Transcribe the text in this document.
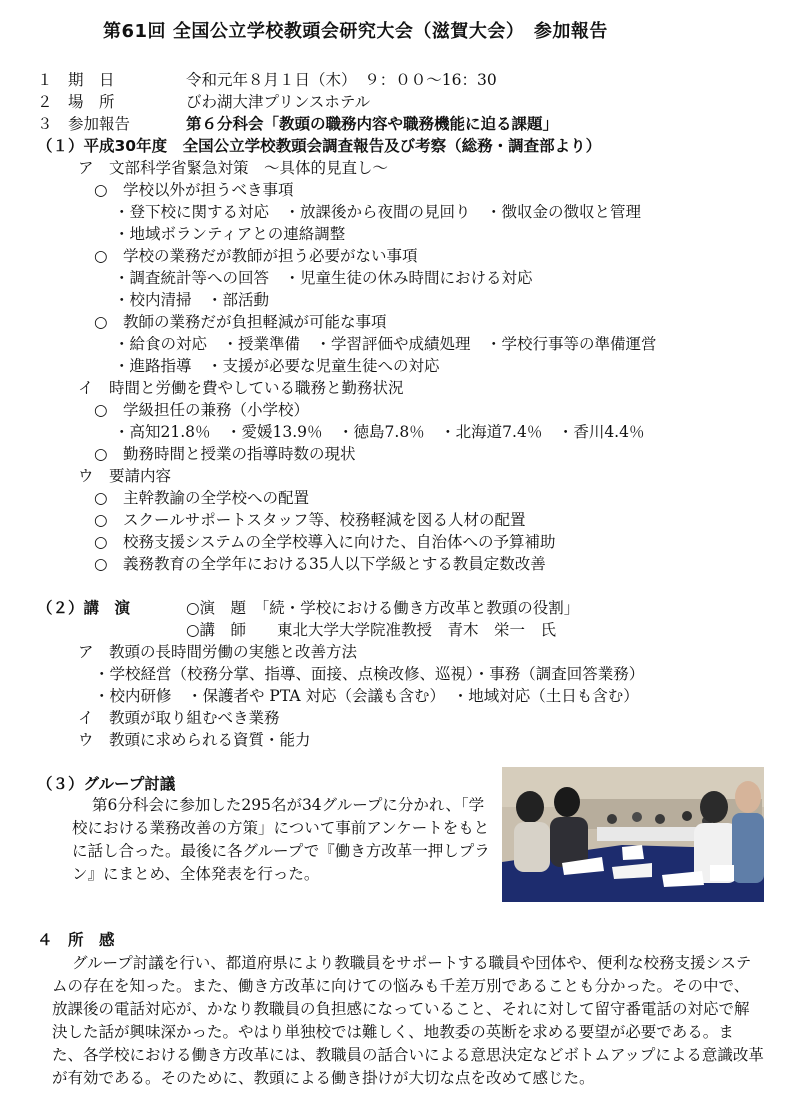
第61回 全国公立学校教頭会研究大会（滋賀大会）　参加報告
１　期　日	令和元年８月１日（木）　９：００～16：30
２　場　所	びわ湖大津プリンスホテル
３　参加報告	第６分科会「教頭の職務内容や職務機能に迫る課題」
（１）平成30年度　全国公立学校教頭会調査報告及び考察（総務・調査部より）
ア　文部科学省緊急対策　～具体的見直し～
○　学校以外が担うべき事項
・登下校に関する対応　・放課後から夜間の見回り　・徴収金の徴収と管理
・地域ボランティアとの連絡調整
○　学校の業務だが教師が担う必要がない事項
・調査統計等への回答　・児童生徒の休み時間における対応
・校内清掃　・部活動
○　教師の業務だが負担軽減が可能な事項
・給食の対応　・授業準備　・学習評価や成績処理　・学校行事等の準備運営
・進路指導　・支援が必要な児童生徒への対応
イ　時間と労働を費やしている職務と勤務状況
○　学級担任の兼務（小学校）
・高知21.8％　・愛媛13.9％　・徳島7.8％　・北海道7.4％　・香川4.4％
○　勤務時間と授業の指導時数の現状
ウ　要請内容
○　主幹教諭の全学校への配置
○　スクールサポートスタッフ等、校務軽減を図る人材の配置
○　校務支援システムの全学校導入に向けた、自治体への予算補助
○　義務教育の全学年における35人以下学級とする教員定数改善
（２）講　演	○演　題　「続・学校における働き方改革と教頭の役割」
○講　師　　東北大学大学院准教授　青木　栄一　氏
ア　教頭の長時間労働の実態と改善方法
・学校経営（校務分掌、指導、面接、点検改修、巡視）・事務（調査回答業務）
・校内研修　・保護者や PTA 対応（会議も含む）　・地域対応（土日も含む）
イ　教頭が取り組むべき業務
ウ　教頭に求められる資質・能力
（３）グループ討議
第6分科会に参加した295名が34グループに分かれ、「学校における業務改善の方策」について事前アンケートをもとに話し合った。最後に各グループで『働き方改革一押しプラン』にまとめ、全体発表を行った。
４　所　感
グループ討議を行い、都道府県により教職員をサポートする職員や団体や、便利な校務支援システムの存在を知った。また、働き方改革に向けての悩みも千差万別であることも分かった。その中で、放課後の電話対応が、かなり教職員の負担感になっていること、それに対して留守番電話の対応で解決した話が興味深かった。やはり単独校では難しく、地教委の英断を求める要望が必要である。また、各学校における働き方改革には、教職員の話合いによる意思決定などボトムアップによる意識改革が有効である。そのために、教頭による働き掛けが大切な点を改めて感じた。
